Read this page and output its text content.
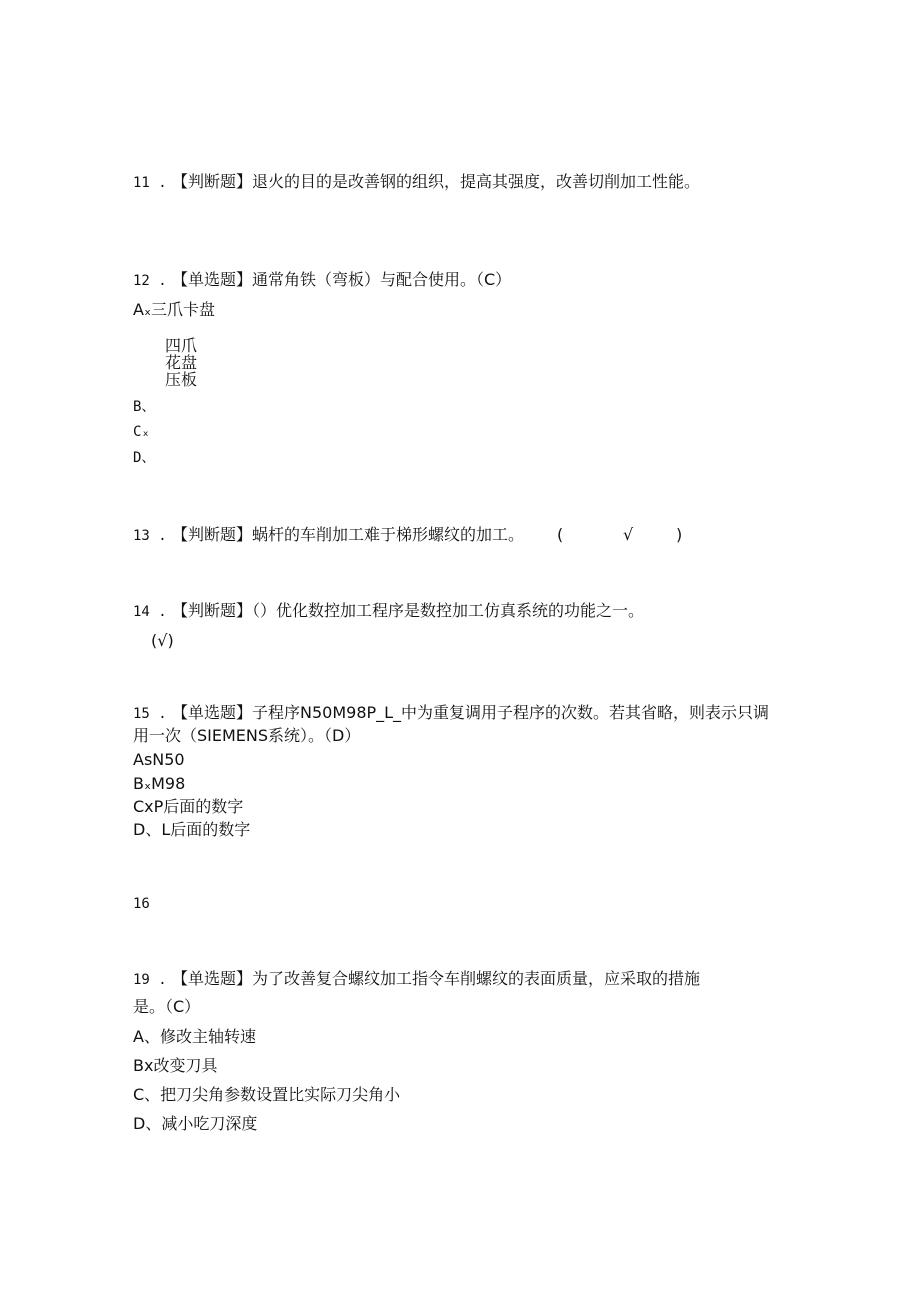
11 . 【判断题】退火的目的是改善钢的组织，提高其强度，改善切削加工性能。
12 . 【单选题】通常角铁（弯板）与配合使用。（C）
Aₓ三爪卡盘
四爪
花盘
压板
B、
Cₓ
D、
13 . 【判断题】蜗杆的车削加工难于梯形螺纹的加工。 (	√	)
14 . 【判断题】（）优化数控加工程序是数控加工仿真系统的功能之一。
(√)
15 . 【单选题】子程序N50M98P_L_中为重复调用子程序的次数。若其省略，则表示只调
用一次（SIEMENS系统）。（D）
AsN50
BₓM98
CxP后面的数字
D、L后面的数字
16
19 . 【单选题】为了改善复合螺纹加工指令车削螺纹的表面质量，应采取的措施
是。（C）
A、修改主轴转速
Bx改变刀具
C、把刀尖角参数设置比实际刀尖角小
D、减小吃刀深度
